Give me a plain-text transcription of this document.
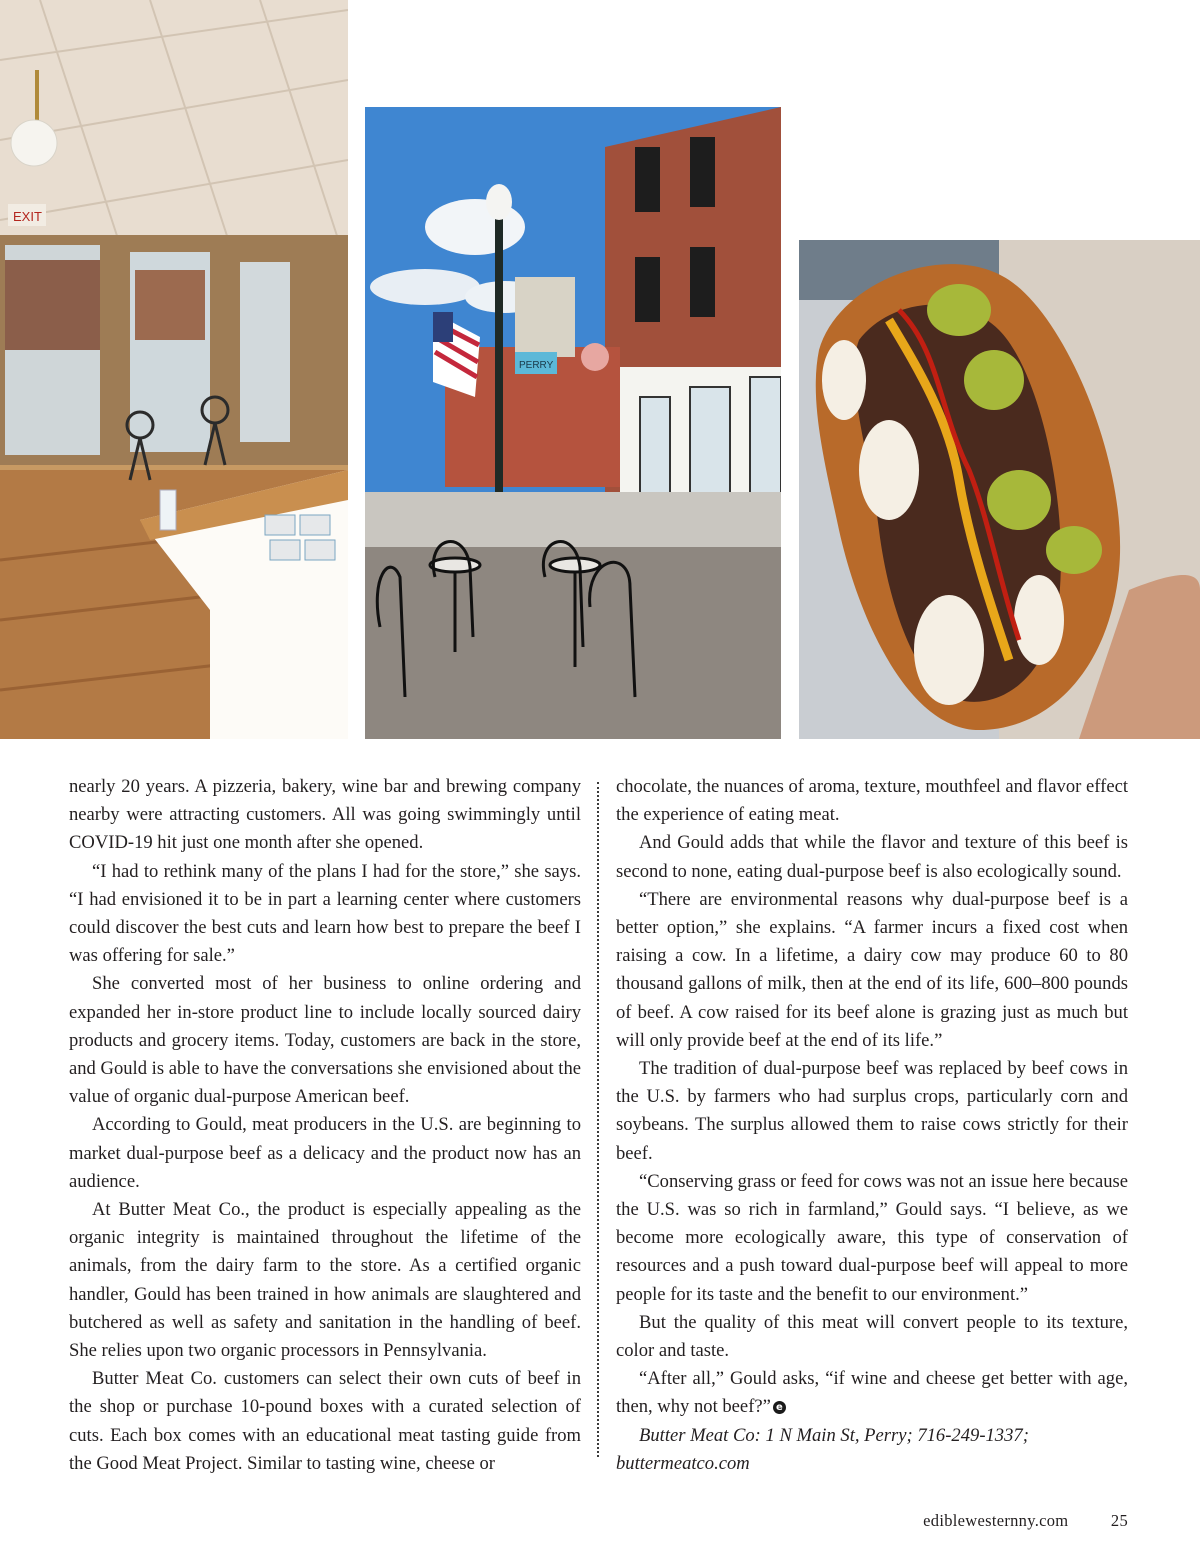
EXIT
PERRY

nearly 20 years. A pizzeria, bakery, wine bar and brewing company nearby were attracting customers. All was going swimmingly until COVID-19 hit just one month after she opened.

“I had to rethink many of the plans I had for the store,” she says. “I had envisioned it to be in part a learning center where customers could discover the best cuts and learn how best to prepare the beef I was offering for sale.”

She converted most of her business to online ordering and expanded her in-store product line to include locally sourced dairy products and grocery items. Today, customers are back in the store, and Gould is able to have the conversations she envisioned about the value of organic dual-purpose American beef.

According to Gould, meat producers in the U.S. are beginning to market dual-purpose beef as a delicacy and the product now has an audience.

At Butter Meat Co., the product is especially appealing as the organic integrity is maintained throughout the lifetime of the animals, from the dairy farm to the store. As a certified organic handler, Gould has been trained in how animals are slaughtered and butchered as well as safety and sanitation in the handling of beef. She relies upon two organic processors in Pennsylvania.

Butter Meat Co. customers can select their own cuts of beef in the shop or purchase 10-pound boxes with a curated selection of cuts. Each box comes with an educational meat tasting guide from the Good Meat Project. Similar to tasting wine, cheese or

chocolate, the nuances of aroma, texture, mouthfeel and flavor effect the experience of eating meat.

And Gould adds that while the flavor and texture of this beef is second to none, eating dual-purpose beef is also ecologically sound.

“There are environmental reasons why dual-purpose beef is a better option,” she explains. “A farmer incurs a fixed cost when raising a cow. In a lifetime, a dairy cow may produce 60 to 80 thousand gallons of milk, then at the end of its life, 600–800 pounds of beef. A cow raised for its beef alone is grazing just as much but will only provide beef at the end of its life.”

The tradition of dual-purpose beef was replaced by beef cows in the U.S. by farmers who had surplus crops, particularly corn and soybeans. The surplus allowed them to raise cows strictly for their beef.

“Conserving grass or feed for cows was not an issue here because the U.S. was so rich in farmland,” Gould says. “I believe, as we become more ecologically aware, this type of conservation of resources and a push toward dual-purpose beef will appeal to more people for its taste and the benefit to our environment.”

But the quality of this meat will convert people to its texture, color and taste.

“After all,” Gould asks, “if wine and cheese get better with age, then, why not beef?” e

Butter Meat Co: 1 N Main St, Perry; 716-249-1337;
buttermeatco.com

ediblewesternny.com	25
